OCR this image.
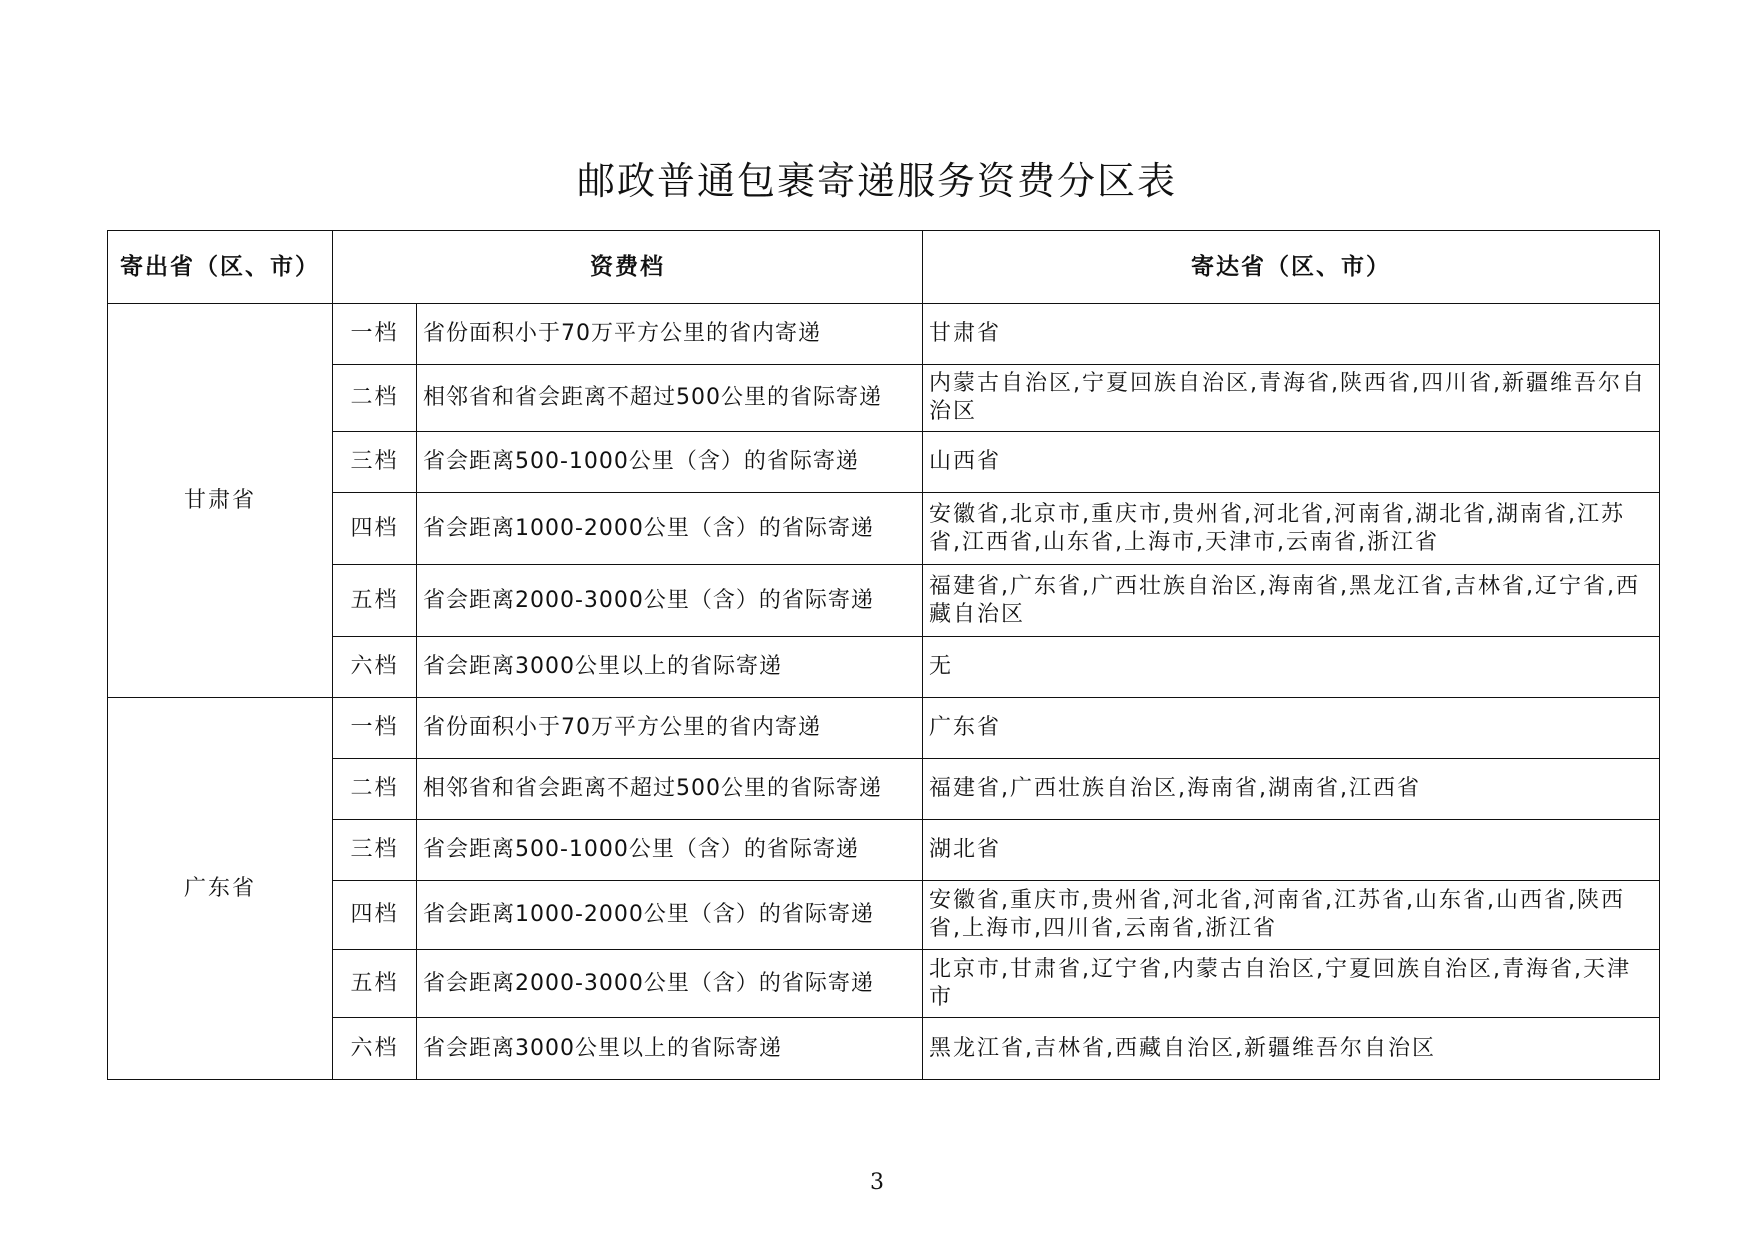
邮政普通包裹寄递服务资费分区表
寄出省（区、市）	资费档		寄达省（区、市）
甘肃省	一档	省份面积小于70万平方公里的省内寄递	甘肃省
	二档	相邻省和省会距离不超过500公里的省际寄递	内蒙古自治区,宁夏回族自治区,青海省,陕西省,四川省,新疆维吾尔自治区
	三档	省会距离500-1000公里（含）的省际寄递	山西省
	四档	省会距离1000-2000公里（含）的省际寄递	安徽省,北京市,重庆市,贵州省,河北省,河南省,湖北省,湖南省,江苏省,江西省,山东省,上海市,天津市,云南省,浙江省
	五档	省会距离2000-3000公里（含）的省际寄递	福建省,广东省,广西壮族自治区,海南省,黑龙江省,吉林省,辽宁省,西藏自治区
	六档	省会距离3000公里以上的省际寄递	无
广东省	一档	省份面积小于70万平方公里的省内寄递	广东省
	二档	相邻省和省会距离不超过500公里的省际寄递	福建省,广西壮族自治区,海南省,湖南省,江西省
	三档	省会距离500-1000公里（含）的省际寄递	湖北省
	四档	省会距离1000-2000公里（含）的省际寄递	安徽省,重庆市,贵州省,河北省,河南省,江苏省,山东省,山西省,陕西省,上海市,四川省,云南省,浙江省
	五档	省会距离2000-3000公里（含）的省际寄递	北京市,甘肃省,辽宁省,内蒙古自治区,宁夏回族自治区,青海省,天津市
	六档	省会距离3000公里以上的省际寄递	黑龙江省,吉林省,西藏自治区,新疆维吾尔自治区
3
